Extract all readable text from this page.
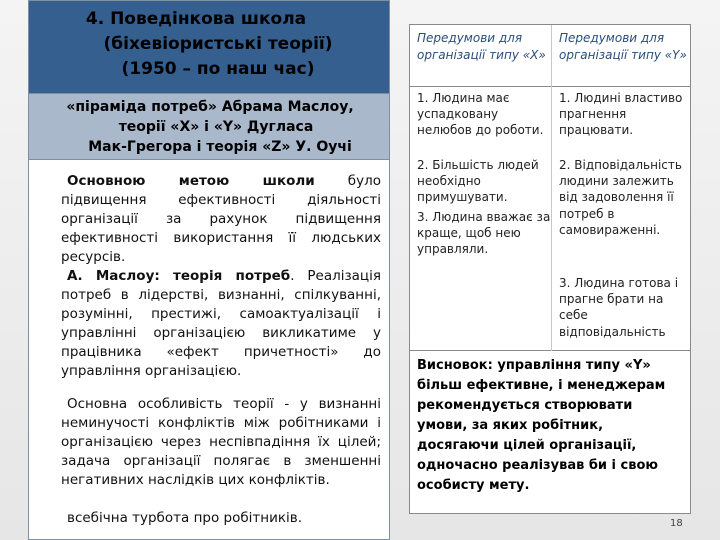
4. Поведінкова школа
(біхевіористські теорії)
(1950 – по наш час)
«піраміда потреб» Абрама Маслоу,
теорії «X» і «Y» Дугласа
Мак-Грегора і теорія «Z» У. Оучі

Основною метою школи було підвищення ефективності діяльності організації за рахунок підвищення ефективності використання її людських ресурсів.

А. Маслоу: теорія потреб. Реалізація потреб в лідерстві, визнанні, спілкуванні, розумінні, престижі, самоактуалізації і управлінні організацією викликатиме у працівника «ефект причетності» до управління організацією.

Основна особливість теорії - у визнанні неминучості конфліктів між робітниками і організацією через неспівпадіння їх цілей; задача організації полягає в зменшенні негативних наслідків цих конфліктів.

всебічна турбота про робітників.

Передумови для організації типу «X»

Передумови для організації типу «Y»

1. Людина має успадковану нелюбов до роботи.

2. Більшість людей необхідно примушувати.

3. Людина вважає за краще, щоб нею управляли.

1. Людині властиво прагнення працювати.

2. Відповідальність людини залежить від задоволення її потреб в самовираженні.

3. Людина готова і прагне брати на себе відповідальність

Висновок: управління типу «Y» більш ефективне, і менеджерам рекомендується створювати умови, за яких робітник, досягаючи цілей організації, одночасно реалізував би і свою особисту мету.

18
